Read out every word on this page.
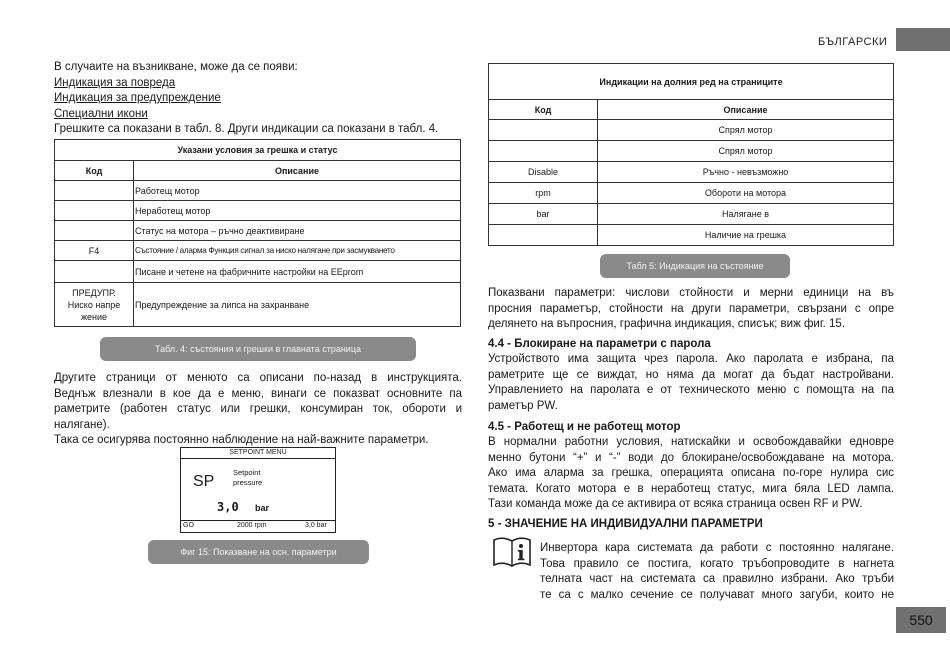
БЪЛГАРСКИ
В случаите на възникване, може да се появи:
Индикация за повреда
Индикация за предупреждение
Специални икони
Грешките са показани в табл. 8. Други индикации са показани в табл. 4.
Указани условия за грешка и статус	
Код	Описание
	Работещ мотор
	Неработещ мотор
	Статус на мотора – ръчно деактивиране
F4	Състояние / аларма Функция сигнал за ниско налягане при засмукването
	Писане и четене на фабричните настройки на EEprom

ПРЕДУПР.
Ниско напре
жение	Предупреждение за липса на захранване
Табл. 4: състояния и грешки в главната страница
Другите страници от менюто са описани по-назад в инструкцията.
Веднъж влезнали в кое да е меню, винаги се показват основните па
раметрите (работен статус или грешки, консумиран ток, обороти и
налягане).
Така се осигурява постоянно наблюдение на най-важните параметри.
SETPOINT MENU
SP
Setpoint
pressure
3,0 bar
GO	2000 rpm	3,0 bar
Фиг 15: Показване на осн. параметри
Индикации на долния ред на страниците	
Код	Описание
	Спрял мотор
	Спрял мотор
Disable	Ръчно - невъзможно
rpm	Обороти на мотора
bar	Налягане в
	Наличие на грешка
Табл 5: Индикация на състояние
Показвани параметри: числови стойности и мерни единици на въ
просния параметър, стойности на други параметри, свързани с опре
делянето на въпросния, графична индикация, списък; виж фиг. 15.
4.4 - Блокиране на параметри с парола
Устройството има защита чрез парола. Ако паролата е избрана, па
раметрите ще се виждат, но няма да могат да бъдат настройвани.
Управлението на паролата е от техническото меню с помощта на па
раметър PW.
4.5 - Работещ и не работещ мотор
В нормални работни условия, натискайки и освобождавайки едновре
менно бутони “+” и “-” води до блокиране/освобождаване на мотора.
Ако има аларма за грешка, операцията описана по-горе нулира сис
темата. Когато мотора е в неработещ статус, мига бяла LED лампа.
Тази команда може да се активира от всяка страница освен RF и PW.
5 - ЗНАЧЕНИЕ НА ИНДИВИДУАЛНИ ПАРАМЕТРИ
Инвертора кара системата да работи с постоянно налягане.
Това правило се постига, когато тръбопроводите в нагнета
телната част на системата са правилно избрани. Ако тръби
те са с малко сечение се получават много загуби, които не
550
